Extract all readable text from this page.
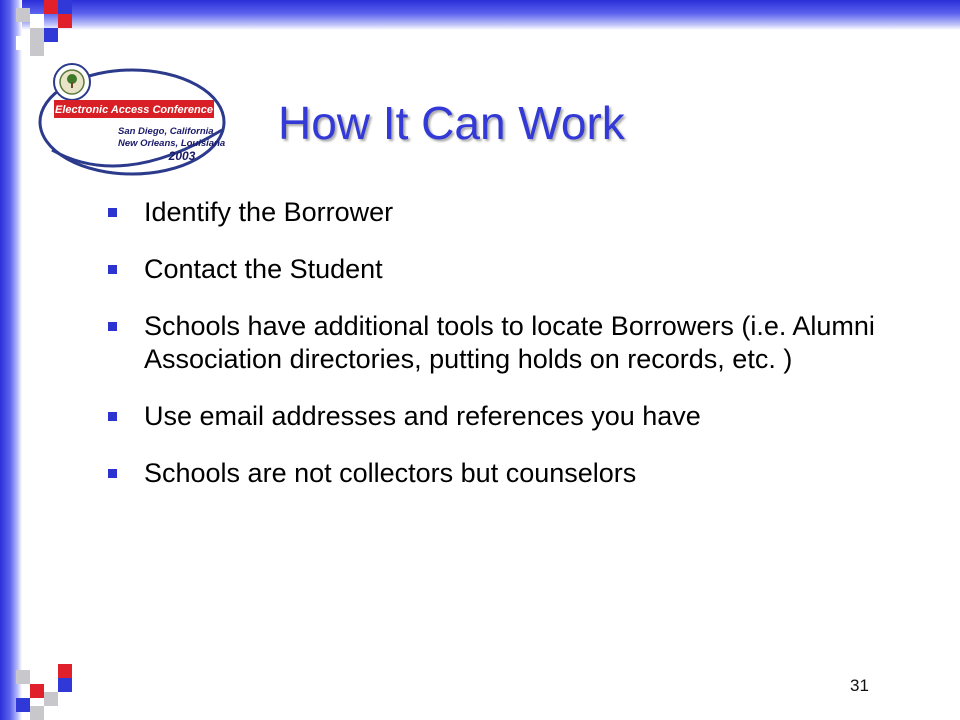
Electronic Access Conference
San Diego, California
New Orleans, Louisiana
2003
How It Can Work
Identify the Borrower
Contact the Student
Schools have additional tools to locate Borrowers (i.e. Alumni Association directories, putting holds on records, etc. )
Use email addresses and references you have
Schools are not collectors but counselors
31
